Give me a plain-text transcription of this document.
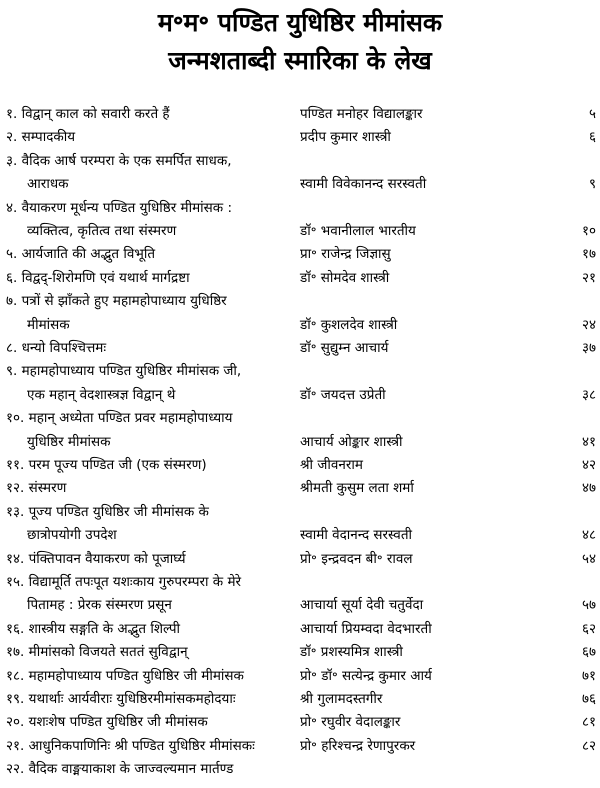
म॰म॰ पण्डित युधिष्ठिर मीमांसक
जन्मशताब्दी स्मारिका के लेख
१. विद्वान् काल को सवारी करते हैं	पण्डित मनोहर विद्यालङ्कार	५
२. सम्पादकीय	प्रदीप कुमार शास्त्री	६
३. वैदिक आर्ष परम्परा के एक समर्पित साधक,
आराधक	स्वामी विवेकानन्द सरस्वती	९
४. वैयाकरण मूर्धन्य पण्डित युधिष्ठिर मीमांसक :
व्यक्तित्व, कृतित्व तथा संस्मरण	डॉ॰ भवानीलाल भारतीय	१०
५. आर्यजाति की अद्भुत विभूति	प्रा॰ राजेन्द्र जिज्ञासु	१७
६. विद्वद्-शिरोमणि एवं यथार्थ मार्गद्रष्टा	डॉ॰ सोमदेव शास्त्री	२१
७. पत्रों से झाँकते हुए महामहोपाध्याय युधिष्ठिर
मीमांसक	डॉ॰ कुशलदेव शास्त्री	२४
८. धन्यो विपश्चित्तमः	डॉ॰ सुद्युम्न आचार्य	३७
९. महामहोपाध्याय पण्डित युधिष्ठिर मीमांसक जी,
एक महान् वेदशास्त्रज्ञ विद्वान् थे	डॉ॰ जयदत्त उप्रेती	३८
१०. महान् अध्येता पण्डित प्रवर महामहोपाध्याय
युधिष्ठिर मीमांसक	आचार्य ओङ्कार शास्त्री	४१
११. परम पूज्य पण्डित जी (एक संस्मरण)	श्री जीवनराम	४२
१२. संस्मरण	श्रीमती कुसुम लता शर्मा	४७
१३. पूज्य पण्डित युधिष्ठिर जी मीमांसक के
छात्रोपयोगी उपदेश	स्वामी वेदानन्द सरस्वती	४८
१४. पंक्तिपावन वैयाकरण को पूजार्घ्य	प्रो॰ इन्द्रवदन बी॰ रावल	५४
१५. विद्यामूर्ति तपःपूत यशःकाय गुरुपरम्परा के मेरे
पितामह : प्रेरक संस्मरण प्रसून	आचार्या सूर्या देवी चतुर्वेदा	५७
१६. शास्त्रीय सङ्गति के अद्भुत शिल्पी	आचार्या प्रियम्वदा वेदभारती	६२
१७. मीमांसको विजयते सततं सुविद्वान्	डॉ॰ प्रशस्यमित्र शास्त्री	६७
१८. महामहोपाध्याय पण्डित युधिष्ठिर जी मीमांसक	प्रो॰ डॉ॰ सत्येन्द्र कुमार आर्य	७१
१९. यथार्थाः आर्यवीराः युधिष्ठिरमीमांसकमहोदयाः	श्री गुलामदस्तगीर	७६
२०. यशःशेष पण्डित युधिष्ठिर जी मीमांसक	प्रो॰ रघुवीर वेदालङ्कार	८१
२१. आधुनिकपाणिनिः श्री पण्डित युधिष्ठिर मीमांसकः	प्रो॰ हरिश्चन्द्र रेणापुरकर	८२
२२. वैदिक वाङ्मयाकाश के जाज्वल्यमान मार्तण्ड
